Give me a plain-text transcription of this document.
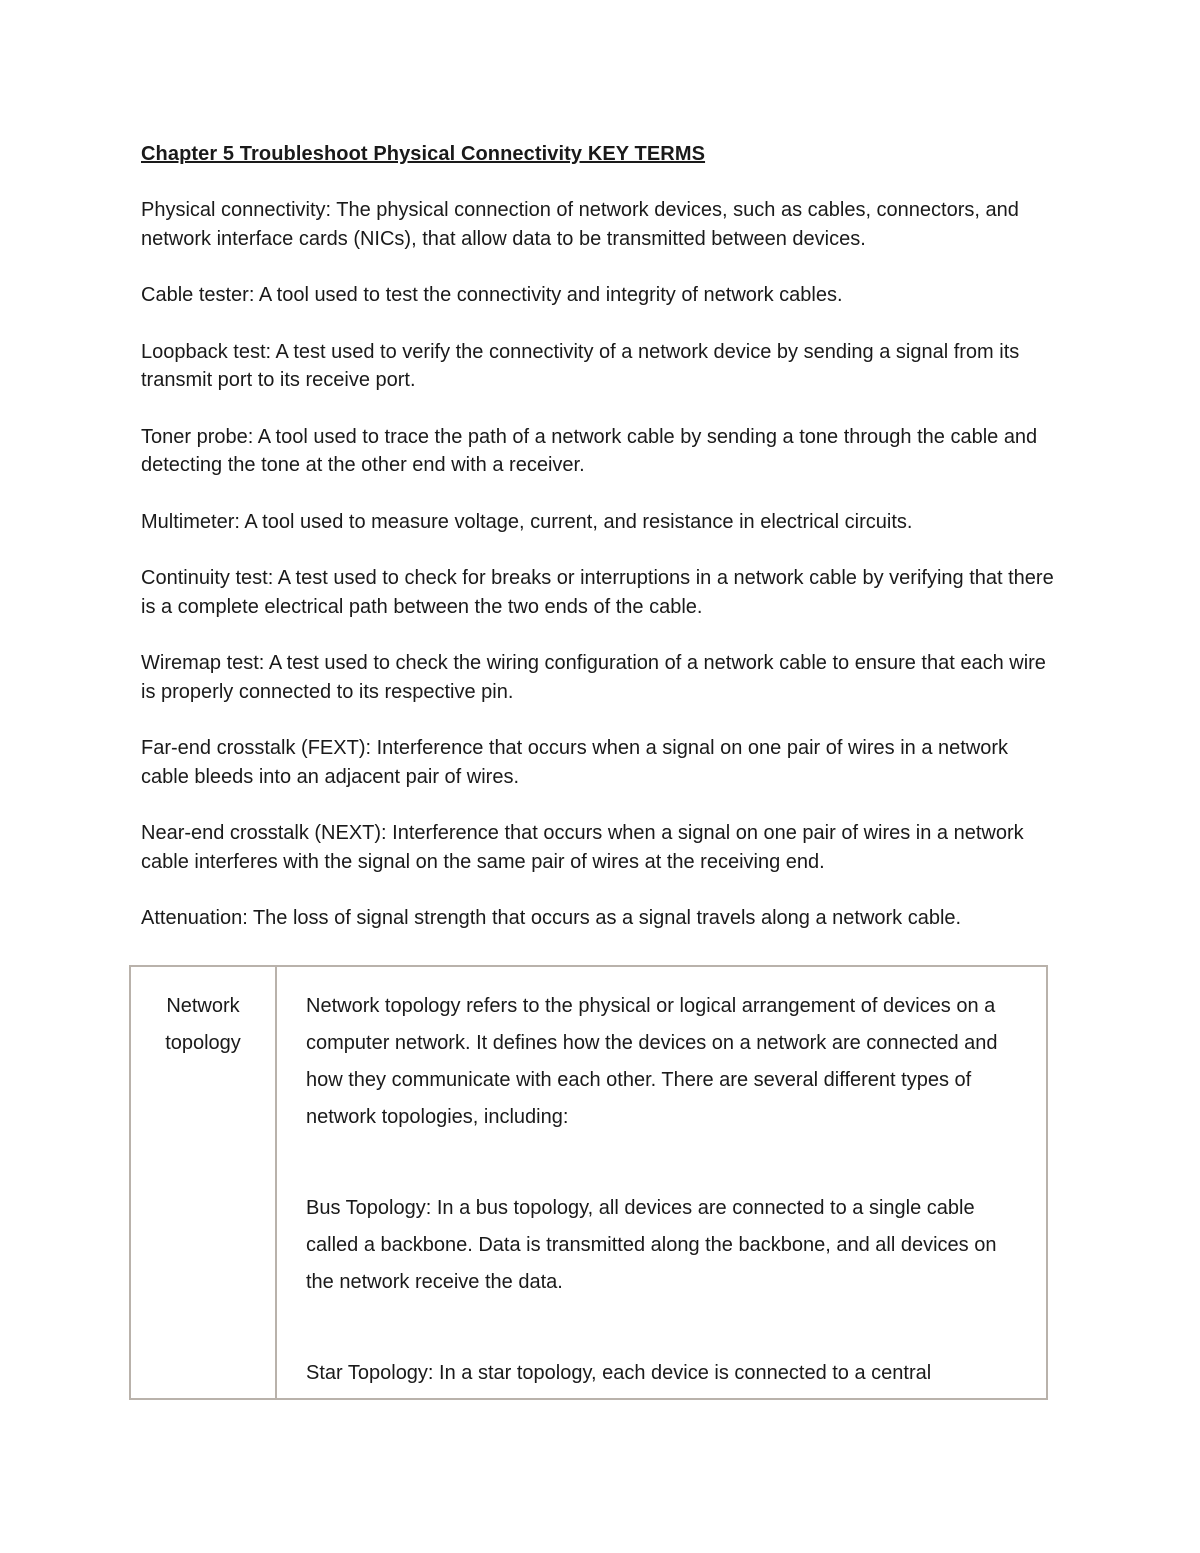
Chapter 5 Troubleshoot Physical Connectivity KEY TERMS

Physical connectivity: The physical connection of network devices, such as cables, connectors, and network interface cards (NICs), that allow data to be transmitted between devices.

Cable tester: A tool used to test the connectivity and integrity of network cables.

Loopback test: A test used to verify the connectivity of a network device by sending a signal from its transmit port to its receive port.

Toner probe: A tool used to trace the path of a network cable by sending a tone through the cable and detecting the tone at the other end with a receiver.

Multimeter: A tool used to measure voltage, current, and resistance in electrical circuits.

Continuity test: A test used to check for breaks or interruptions in a network cable by verifying that there is a complete electrical path between the two ends of the cable.

Wiremap test: A test used to check the wiring configuration of a network cable to ensure that each wire is properly connected to its respective pin.

Far-end crosstalk (FEXT): Interference that occurs when a signal on one pair of wires in a network cable bleeds into an adjacent pair of wires.

Near-end crosstalk (NEXT): Interference that occurs when a signal on one pair of wires in a network cable interferes with the signal on the same pair of wires at the receiving end.

Attenuation: The loss of signal strength that occurs as a signal travels along a network cable.

Network topology

Network topology refers to the physical or logical arrangement of devices on a computer network. It defines how the devices on a network are connected and how they communicate with each other. There are several different types of network topologies, including:

Bus Topology: In a bus topology, all devices are connected to a single cable called a backbone. Data is transmitted along the backbone, and all devices on the network receive the data.

Star Topology: In a star topology, each device is connected to a central
